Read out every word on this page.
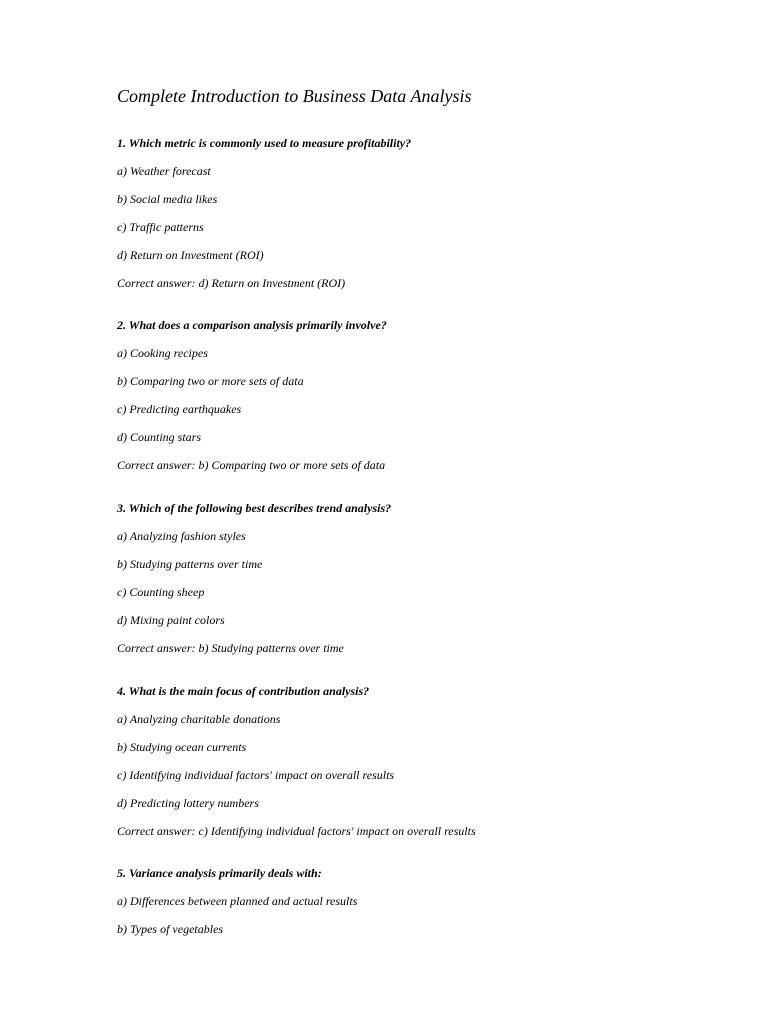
Complete Introduction to Business Data Analysis
1. Which metric is commonly used to measure profitability?
a) Weather forecast
b) Social media likes
c) Traffic patterns
d) Return on Investment (ROI)
Correct answer: d) Return on Investment (ROI)
2. What does a comparison analysis primarily involve?
a) Cooking recipes
b) Comparing two or more sets of data
c) Predicting earthquakes
d) Counting stars
Correct answer: b) Comparing two or more sets of data
3. Which of the following best describes trend analysis?
a) Analyzing fashion styles
b) Studying patterns over time
c) Counting sheep
d) Mixing paint colors
Correct answer: b) Studying patterns over time
4. What is the main focus of contribution analysis?
a) Analyzing charitable donations
b) Studying ocean currents
c) Identifying individual factors' impact on overall results
d) Predicting lottery numbers
Correct answer: c) Identifying individual factors' impact on overall results
5. Variance analysis primarily deals with:
a) Differences between planned and actual results
b) Types of vegetables
